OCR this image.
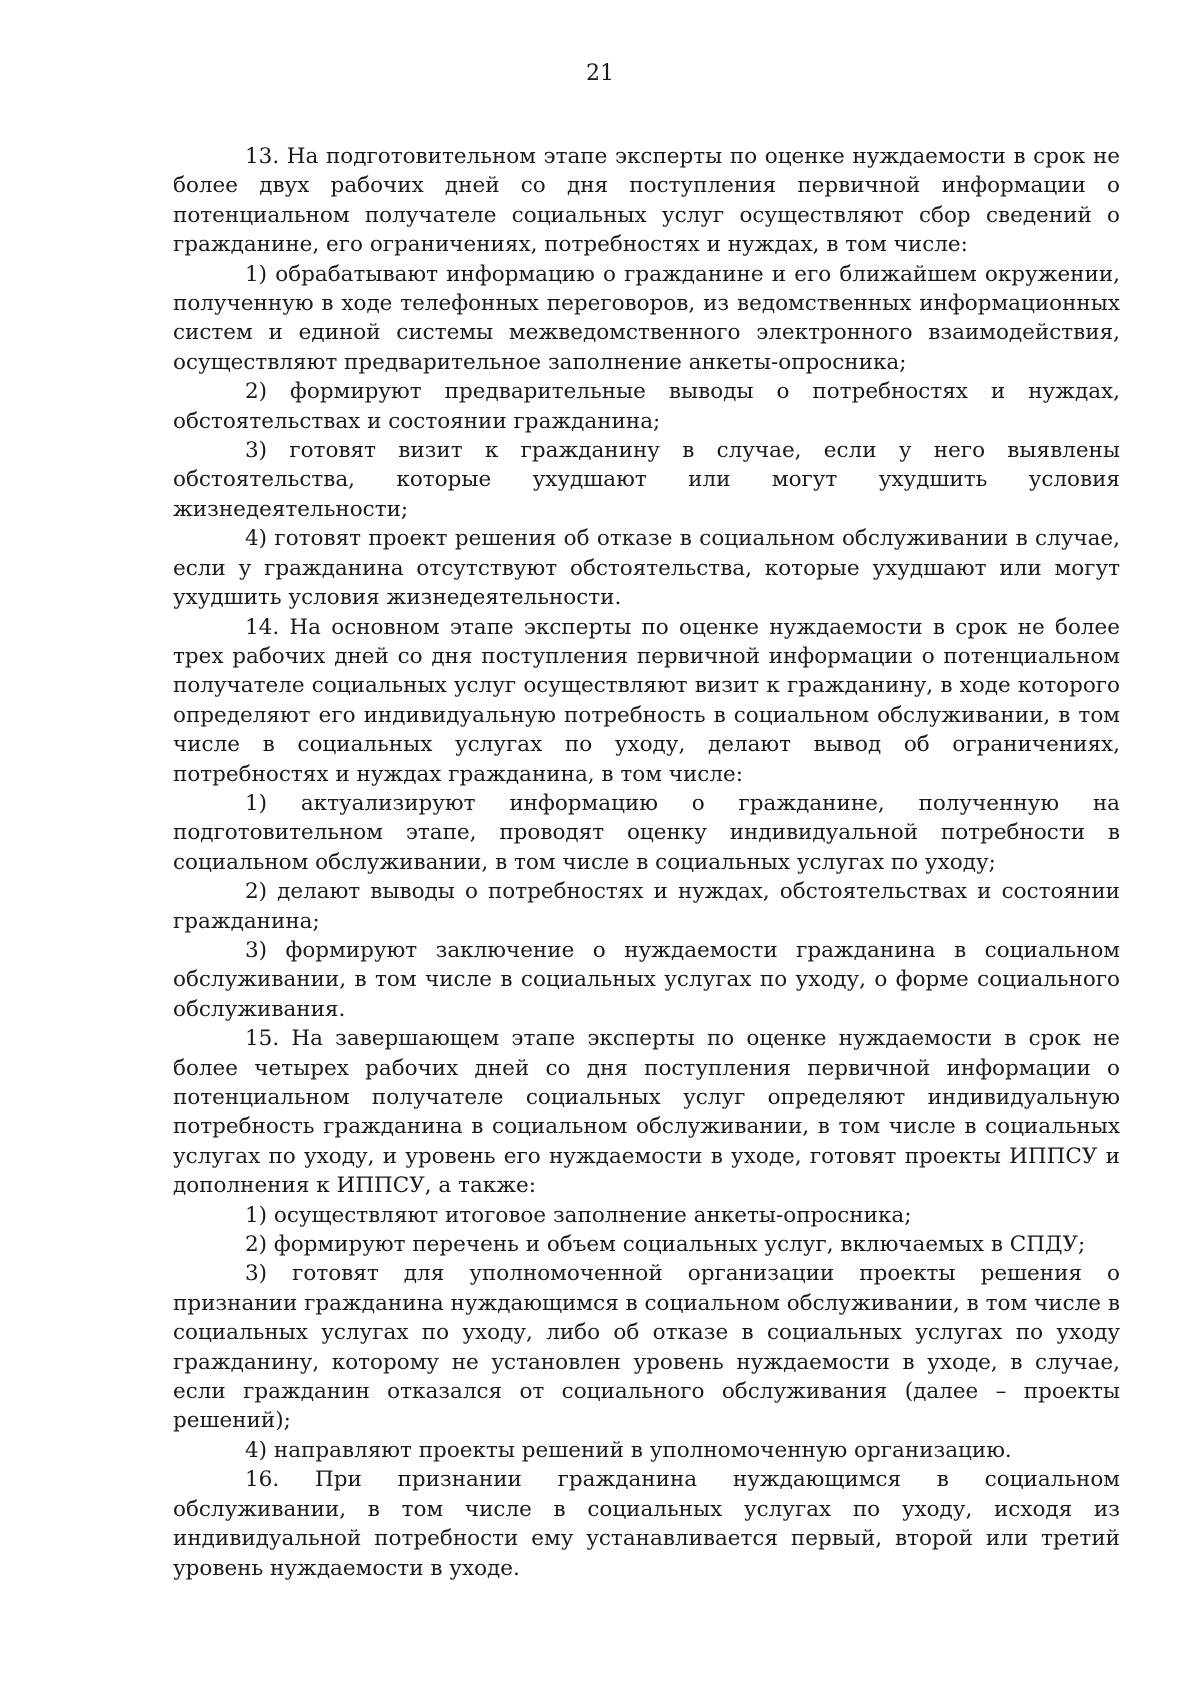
21

13. На подготовительном этапе эксперты по оценке нуждаемости в срок не более двух рабочих дней со дня поступления первичной информации о потенциальном получателе социальных услуг осуществляют сбор сведений о гражданине, его ограничениях, потребностях и нуждах, в том числе:

1) обрабатывают информацию о гражданине и его ближайшем окружении, полученную в ходе телефонных переговоров, из ведомственных информационных систем и единой системы межведомственного электронного взаимодействия, осуществляют предварительное заполнение анкеты-опросника;

2) формируют предварительные выводы о потребностях и нуждах, обстоятельствах и состоянии гражданина;

3) готовят визит к гражданину в случае, если у него выявлены обстоятельства, которые ухудшают или могут ухудшить условия жизнедеятельности;

4) готовят проект решения об отказе в социальном обслуживании в случае, если у гражданина отсутствуют обстоятельства, которые ухудшают или могут ухудшить условия жизнедеятельности.

14. На основном этапе эксперты по оценке нуждаемости в срок не более трех рабочих дней со дня поступления первичной информации о потенциальном получателе социальных услуг осуществляют визит к гражданину, в ходе которого определяют его индивидуальную потребность в социальном обслуживании, в том числе в социальных услугах по уходу, делают вывод об ограничениях, потребностях и нуждах гражданина, в том числе:

1) актуализируют информацию о гражданине, полученную на подготовительном этапе, проводят оценку индивидуальной потребности в социальном обслуживании, в том числе в социальных услугах по уходу;

2) делают выводы о потребностях и нуждах, обстоятельствах и состоянии гражданина;

3) формируют заключение о нуждаемости гражданина в социальном обслуживании, в том числе в социальных услугах по уходу, о форме социального обслуживания.

15. На завершающем этапе эксперты по оценке нуждаемости в срок не более четырех рабочих дней со дня поступления первичной информации о потенциальном получателе социальных услуг определяют индивидуальную потребность гражданина в социальном обслуживании, в том числе в социальных услугах по уходу, и уровень его нуждаемости в уходе, готовят проекты ИППСУ и дополнения к ИППСУ, а также:

1) осуществляют итоговое заполнение анкеты-опросника;

2) формируют перечень и объем социальных услуг, включаемых в СПДУ;

3) готовят для уполномоченной организации проекты решения о признании гражданина нуждающимся в социальном обслуживании, в том числе в социальных услугах по уходу, либо об отказе в социальных услугах по уходу гражданину, которому не установлен уровень нуждаемости в уходе, в случае, если гражданин отказался от социального обслуживания (далее – проекты решений);

4) направляют проекты решений в уполномоченную организацию.

16. При признании гражданина нуждающимся в социальном обслуживании, в том числе в социальных услугах по уходу, исходя из индивидуальной потребности ему устанавливается первый, второй или третий уровень нуждаемости в уходе.
